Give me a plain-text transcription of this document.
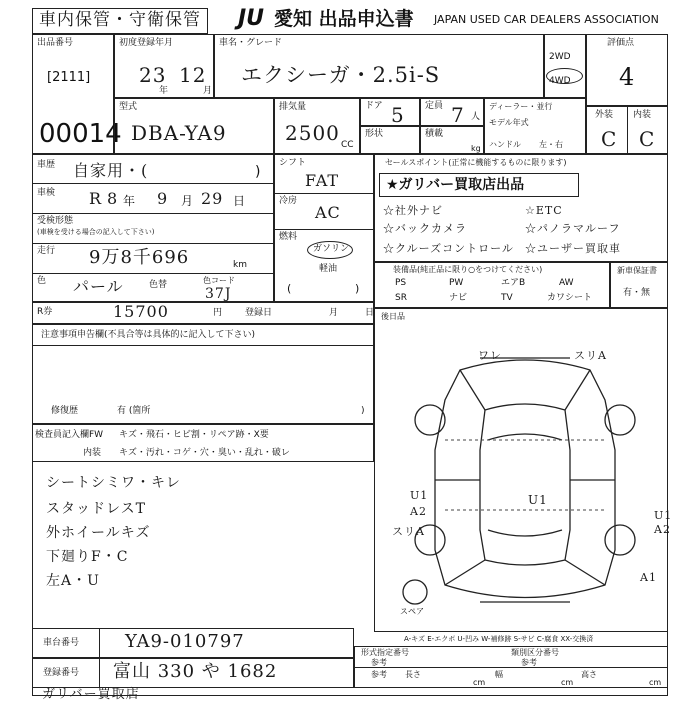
車内保管・守衛保管 JU 愛知 出品申込書 JAPAN USED CAR DEALERS ASSOCIATION
出品番号
[2111]
00014
初度登録年月
23 12
年	月
車名・グレード
エクシーガ・2.5i-S
2WD
4WD
評価点
4
型式
DBA-YA9
排気量
2500 CC
ドア 5 定員 7 人
形状	積載
kg
ディーラー・並行
モデル年式
ハンドル 左・右
外装 内装
C C
車歴 自家用・(	)
車検 R 8 年 9 月 29 日
受検形態
(車検を受ける場合の記入して下さい)
走行 9万8千696	km
色 パール	色替	色コード
37J
シフト
FAT
冷房
AC
燃料
ガソリン
軽油
(	)
セールスポイント(正常に機能するものに限ります)
★ガリバー買取店出品
☆社外ナビ	☆ETC
☆バックカメラ	☆パノラマルーフ
☆クルーズコントロール ☆ユーザー買取車
装備品(純正品に限り○をつけてください)
PS	PW	エアB	AW
SR	ナビ	TV	カワシート
新車保証書
有・無
R券	15700	円	登録日	月	日
注意事項申告欄(不具合等は具体的に記入して下さい)
修復歴	有 (箇所	)
検査員記入欄 FW キズ・飛石・ヒビ割・リペア跡・X要
内装 キズ・汚れ・コゲ・穴・臭い・乱れ・破レ
シートシミワ・キレ
スタッドレスT
外ホイールキズ
下廻りF・C
左A・U
後日品
ワレ	スリA
U1
U1
A2
スリA
U1
A2
A1
スペア
A-キズ E-エクボ U-凹み W-補修跡 S-サビ C-腐食 XX-交換済
車台番号	YA9-010797
登録番号 富山 330 や 1682
形式指定番号
参考
類別区分番号
参考
参考 長さ
cm
幅
cm
高さ
cm
ガリバー買取店
